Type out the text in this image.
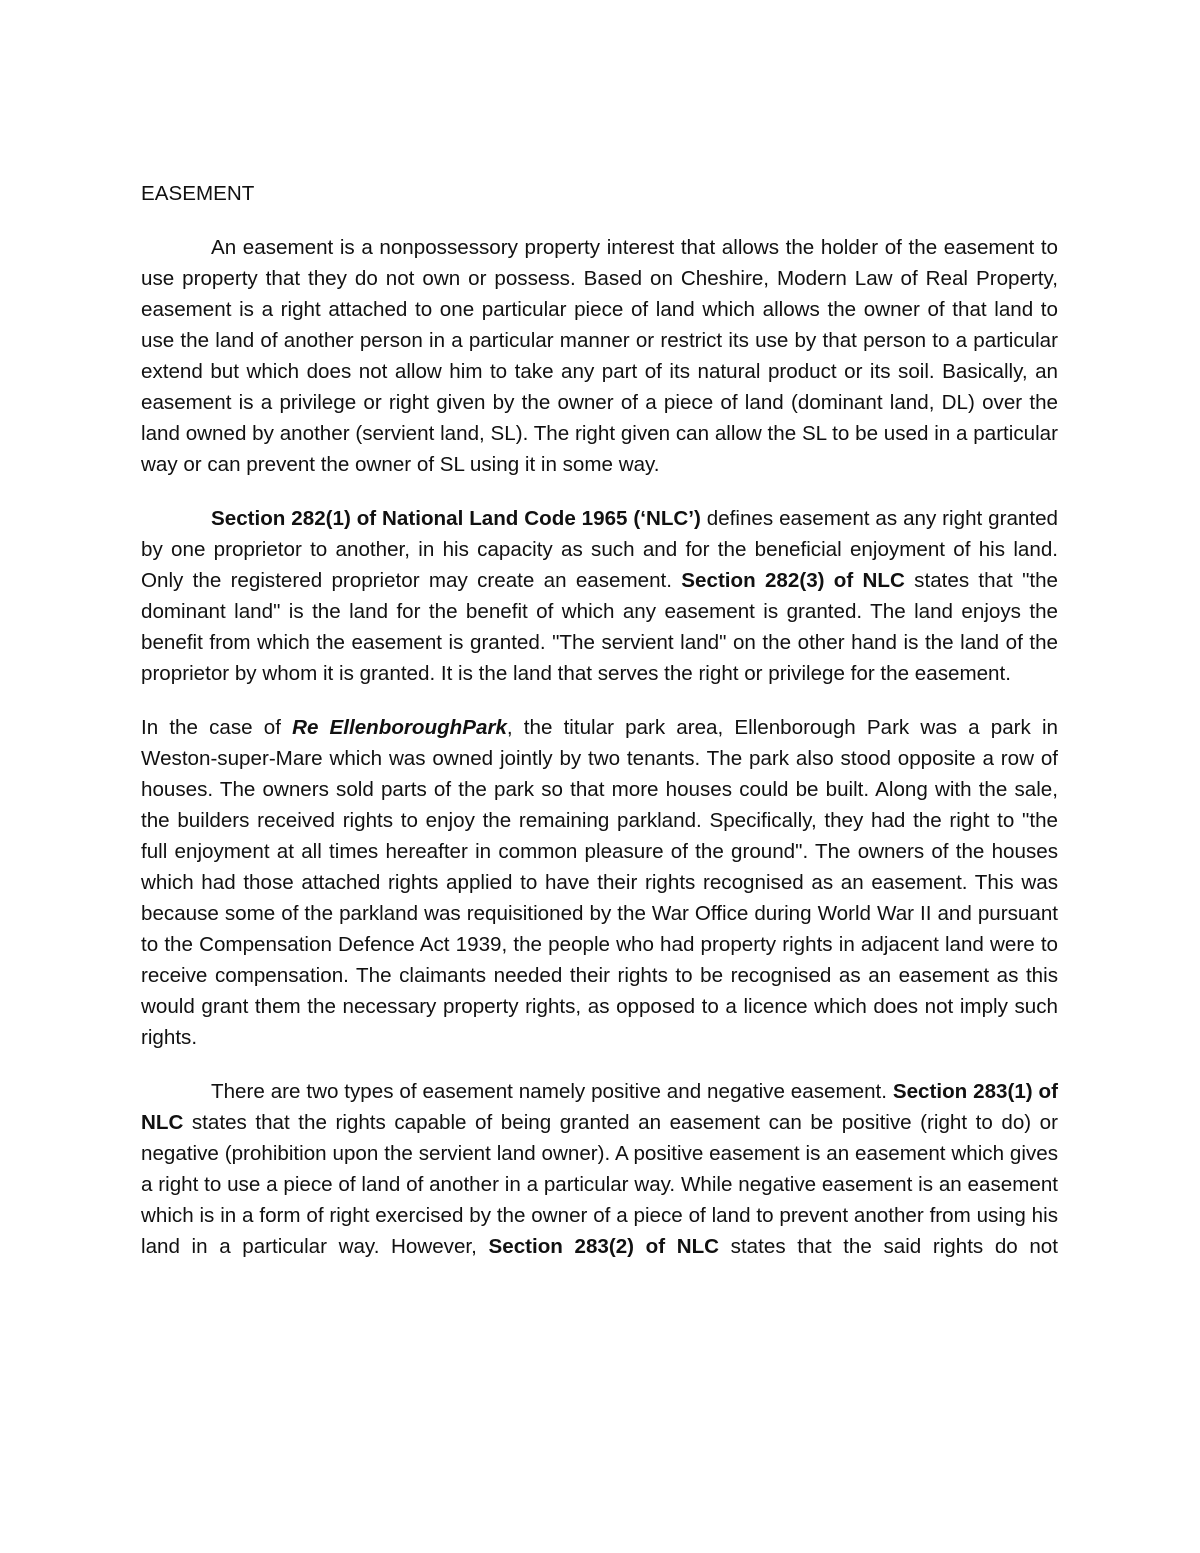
EASEMENT

An easement is a nonpossessory property interest that allows the holder of the easement to use property that they do not own or possess. Based on Cheshire, Modern Law of Real Property, easement is a right attached to one particular piece of land which allows the owner of that land to use the land of another person in a particular manner or restrict its use by that person to a particular extend but which does not allow him to take any part of its natural product or its soil. Basically, an easement is a privilege or right given by the owner of a piece of land (dominant land, DL) over the land owned by another (servient land, SL). The right given can allow the SL to be used in a particular way or can prevent the owner of SL using it in some way.

Section 282(1) of National Land Code 1965 (‘NLC’) defines easement as any right granted by one proprietor to another, in his capacity as such and for the beneficial enjoyment of his land. Only the registered proprietor may create an easement. Section 282(3) of NLC states that "the dominant land" is the land for the benefit of which any easement is granted. The land enjoys the benefit from which the easement is granted. "The servient land" on the other hand is the land of the proprietor by whom it is granted. It is the land that serves the right or privilege for the easement.

In the case of Re EllenboroughPark, the titular park area, Ellenborough Park was a park in Weston-super-Mare which was owned jointly by two tenants. The park also stood opposite a row of houses. The owners sold parts of the park so that more houses could be built. Along with the sale, the builders received rights to enjoy the remaining parkland. Specifically, they had the right to "the full enjoyment at all times hereafter in common pleasure of the ground". The owners of the houses which had those attached rights applied to have their rights recognised as an easement. This was because some of the parkland was requisitioned by the War Office during World War II and pursuant to the Compensation Defence Act 1939, the people who had property rights in adjacent land were to receive compensation. The claimants needed their rights to be recognised as an easement as this would grant them the necessary property rights, as opposed to a licence which does not imply such rights.

There are two types of easement namely positive and negative easement. Section 283(1) of NLC states that the rights capable of being granted an easement can be positive (right to do) or negative (prohibition upon the servient land owner). A positive easement is an easement which gives a right to use a piece of land of another in a particular way. While negative easement is an easement which is in a form of right exercised by the owner of a piece of land to prevent another from using his land in a particular way. However, Section 283(2) of NLC states that the said rights do not
